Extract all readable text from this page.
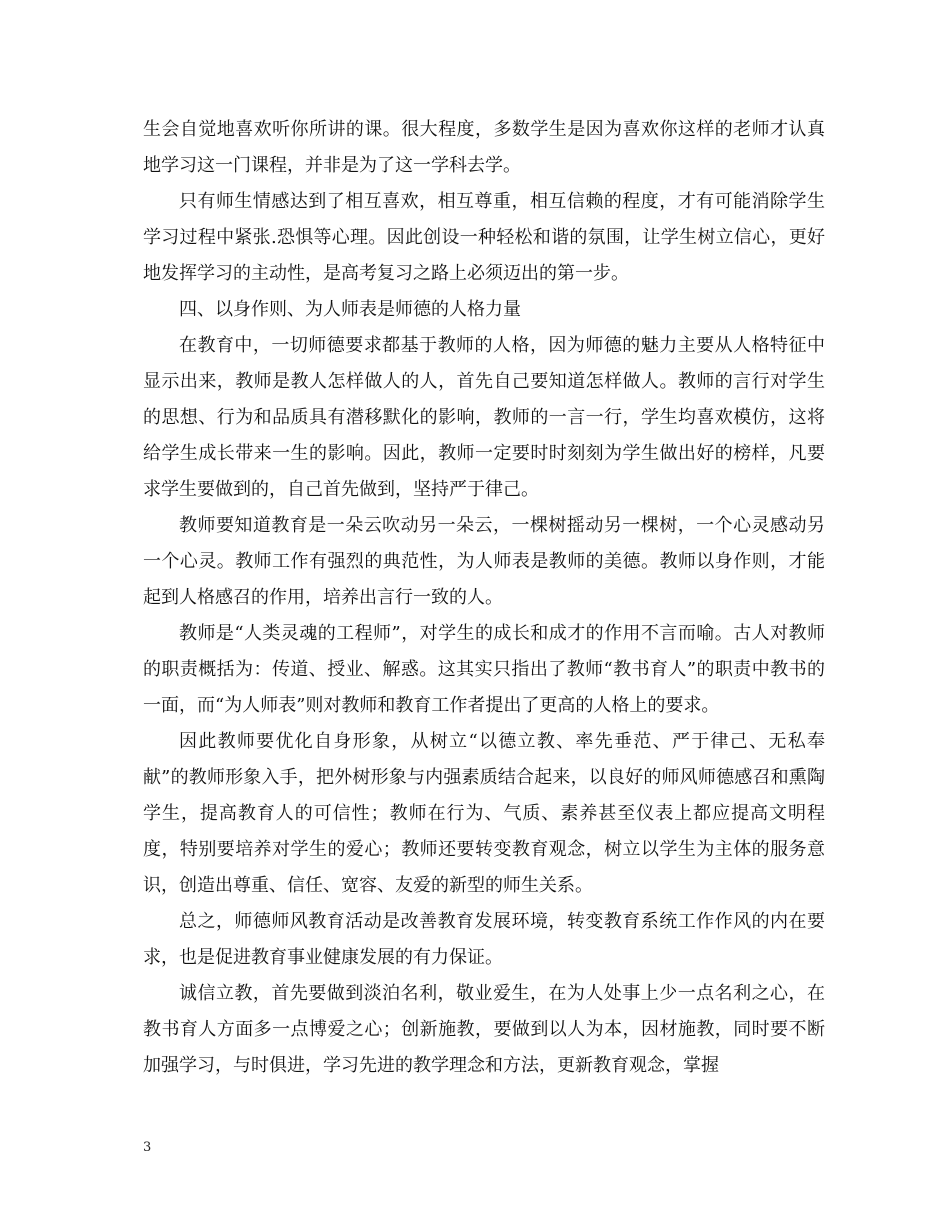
生会自觉地喜欢听你所讲的课。很大程度，多数学生是因为喜欢你这样的老师才认真地学习这一门课程，并非是为了这一学科去学。

只有师生情感达到了相互喜欢，相互尊重，相互信赖的程度，才有可能消除学生学习过程中紧张.恐惧等心理。因此创设一种轻松和谐的氛围，让学生树立信心，更好地发挥学习的主动性，是高考复习之路上必须迈出的第一步。

四、以身作则、为人师表是师德的人格力量

在教育中，一切师德要求都基于教师的人格，因为师德的魅力主要从人格特征中显示出来，教师是教人怎样做人的人，首先自己要知道怎样做人。教师的言行对学生的思想、行为和品质具有潜移默化的影响，教师的一言一行，学生均喜欢模仿，这将给学生成长带来一生的影响。因此，教师一定要时时刻刻为学生做出好的榜样，凡要求学生要做到的，自己首先做到，坚持严于律己。

教师要知道教育是一朵云吹动另一朵云，一棵树摇动另一棵树，一个心灵感动另一个心灵。教师工作有强烈的典范性，为人师表是教师的美德。教师以身作则，才能起到人格感召的作用，培养出言行一致的人。

教师是“人类灵魂的工程师”，对学生的成长和成才的作用不言而喻。古人对教师的职责概括为：传道、授业、解惑。这其实只指出了教师“教书育人”的职责中教书的一面，而“为人师表”则对教师和教育工作者提出了更高的人格上的要求。

因此教师要优化自身形象，从树立“以德立教、率先垂范、严于律己、无私奉献”的教师形象入手，把外树形象与内强素质结合起来，以良好的师风师德感召和熏陶学生，提高教育人的可信性；教师在行为、气质、素养甚至仪表上都应提高文明程度，特别要培养对学生的爱心；教师还要转变教育观念，树立以学生为主体的服务意识，创造出尊重、信任、宽容、友爱的新型的师生关系。

总之，师德师风教育活动是改善教育发展环境，转变教育系统工作作风的内在要求，也是促进教育事业健康发展的有力保证。

诚信立教，首先要做到淡泊名利，敬业爱生，在为人处事上少一点名利之心，在教书育人方面多一点博爱之心；创新施教，要做到以人为本，因材施教，同时要不断加强学习，与时俱进，学习先进的教学理念和方法，更新教育观念，掌握

3
